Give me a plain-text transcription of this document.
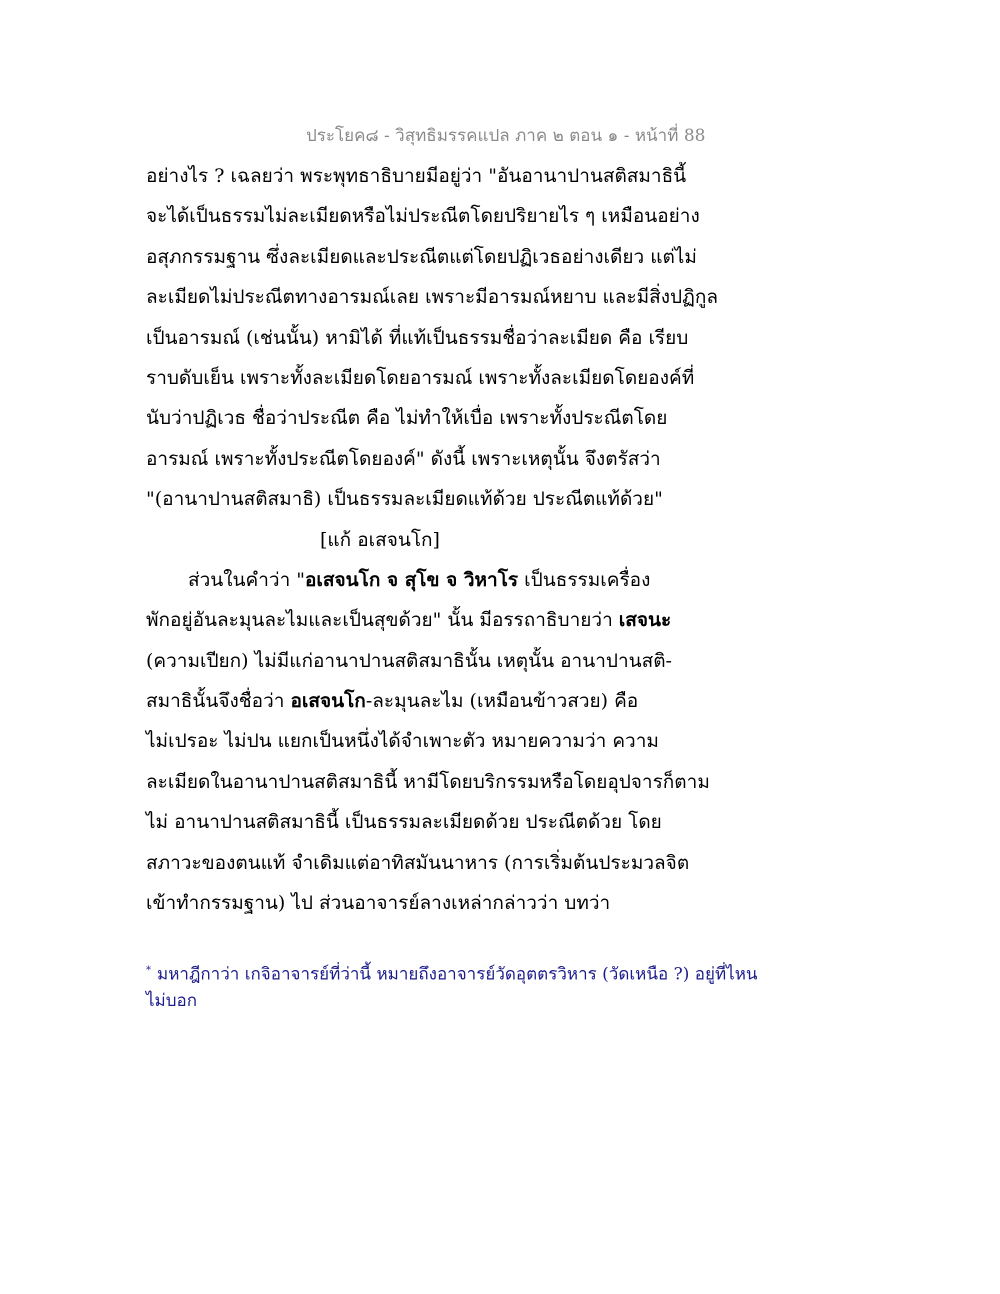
ประโยค๘ - วิสุทธิมรรคแปล ภาค ๒ ตอน ๑ - หน้าที่ 88
อย่างไร ? เฉลยว่า พระพุทธาธิบายมีอยู่ว่า "อันอานาปานสติสมาธินี้
จะได้เป็นธรรมไม่ละเมียดหรือไม่ประณีตโดยปริยายไร ๆ เหมือนอย่าง
อสุภกรรมฐาน ซึ่งละเมียดและประณีตแต่โดยปฏิเวธอย่างเดียว แต่ไม่
ละเมียดไม่ประณีตทางอารมณ์เลย เพราะมีอารมณ์หยาบ และมีสิ่งปฏิกูล
เป็นอารมณ์ (เช่นนั้น) หามิได้ ที่แท้เป็นธรรมชื่อว่าละเมียด คือ เรียบ
ราบดับเย็น เพราะทั้งละเมียดโดยอารมณ์ เพราะทั้งละเมียดโดยองค์ที่
นับว่าปฏิเวธ ชื่อว่าประณีต คือ ไม่ทำให้เบื่อ เพราะทั้งประณีตโดย
อารมณ์ เพราะทั้งประณีตโดยองค์" ดังนี้ เพราะเหตุนั้น จึงตรัสว่า
"(อานาปานสติสมาธิ) เป็นธรรมละเมียดแท้ด้วย ประณีตแท้ด้วย"
[แก้ อเสจนโก]
ส่วนในคำว่า "อเสจนโก จ สุโข จ วิหาโร เป็นธรรมเครื่อง
พักอยู่อันละมุนละไมและเป็นสุขด้วย" นั้น มีอรรถาธิบายว่า เสจนะ
(ความเปียก) ไม่มีแก่อานาปานสติสมาธินั้น เหตุนั้น อานาปานสติ-
สมาธินั้นจึงชื่อว่า อเสจนโก-ละมุนละไม (เหมือนข้าวสวย) คือ
ไม่เปรอะ ไม่ปน แยกเป็นหนึ่งได้จำเพาะตัว หมายความว่า ความ
ละเมียดในอานาปานสติสมาธินี้ หามีโดยบริกรรมหรือโดยอุปจารก็ตาม
ไม่ อานาปานสติสมาธินี้ เป็นธรรมละเมียดด้วย ประณีตด้วย โดย
สภาวะของตนแท้ จำเดิมแต่อาทิสมันนาหาร (การเริ่มต้นประมวลจิต
เข้าทำกรรมฐาน) ไป ส่วนอาจารย์ลางเหล่ากล่าวว่า บทว่า
* มหาฎีกาว่า เกจิอาจารย์ที่ว่านี้ หมายถึงอาจารย์วัดอุตตรวิหาร (วัดเหนือ ?) อยู่ที่ไหน
ไม่บอก
